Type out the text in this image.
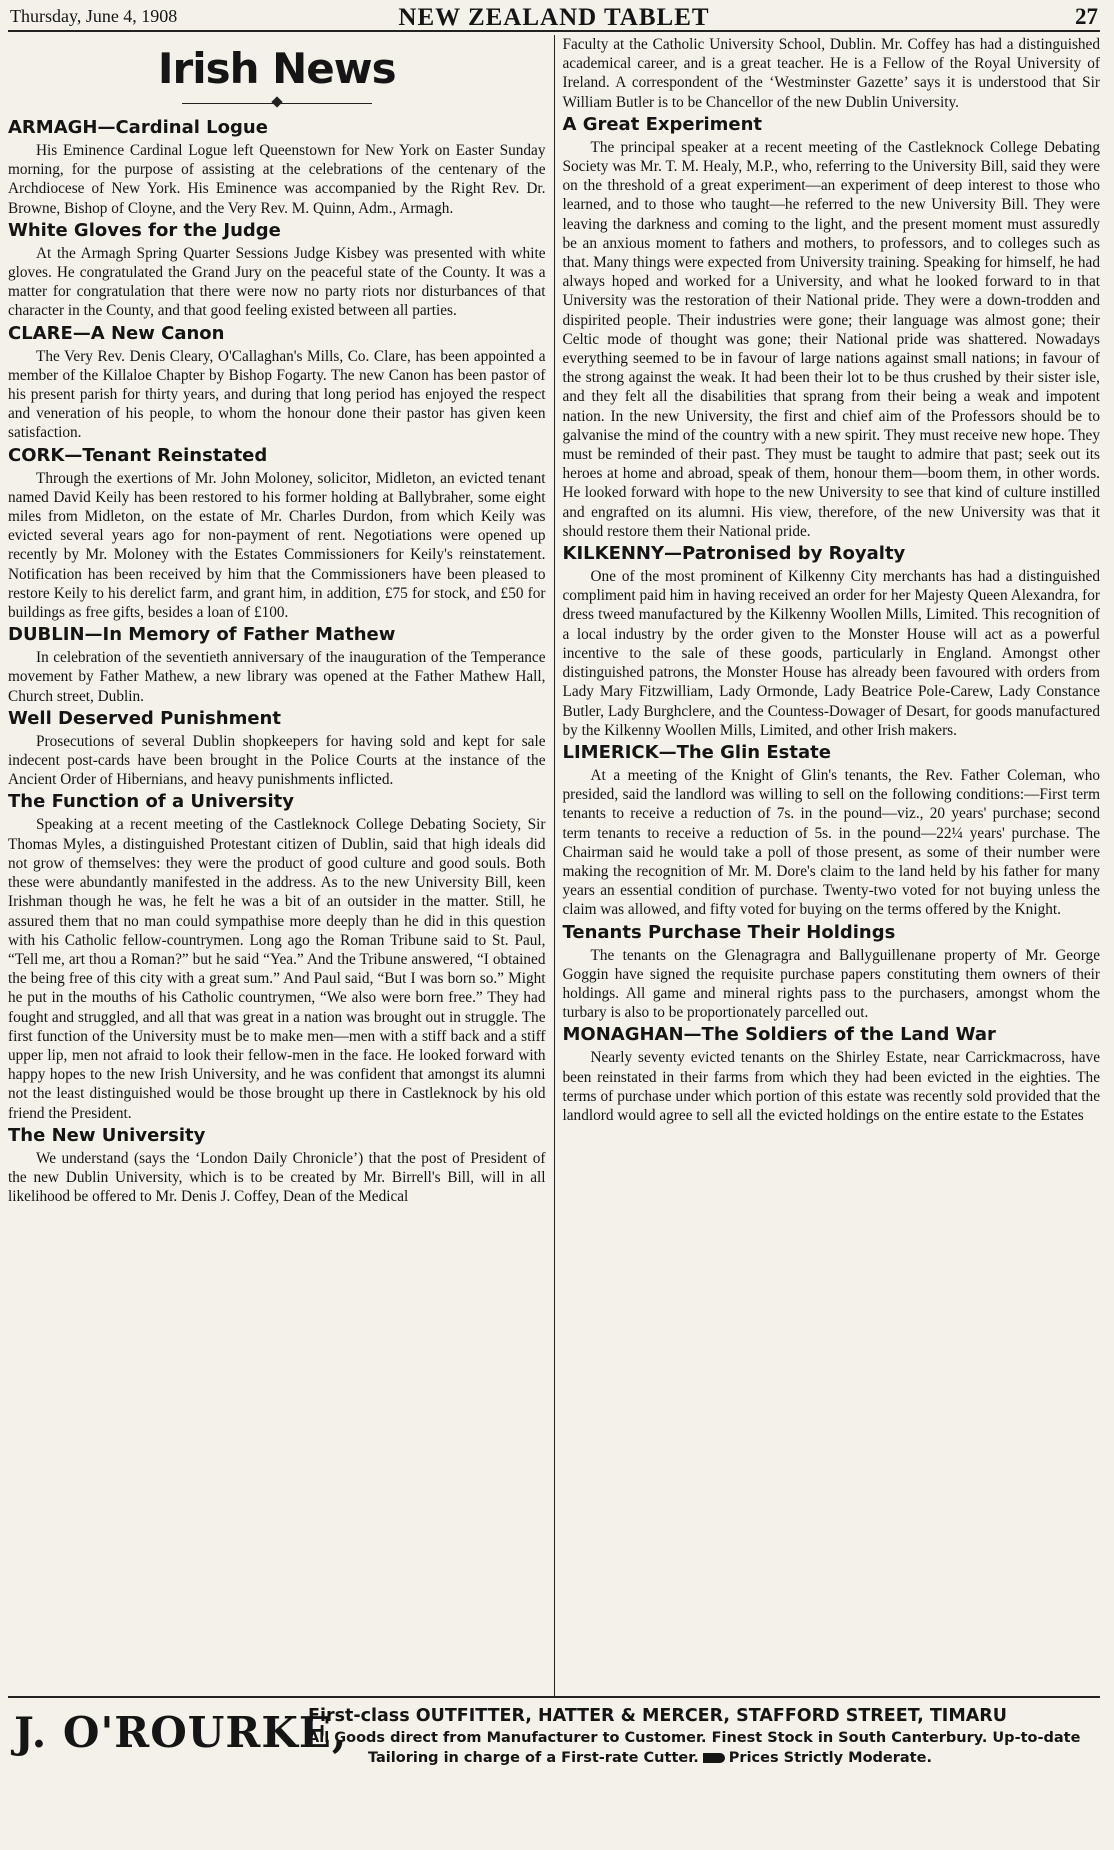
Thursday, June 4, 1908	NEW ZEALAND TABLET	27
Irish News
ARMAGH—Cardinal Logue

His Eminence Cardinal Logue left Queenstown for New York on Easter Sunday morning, for the purpose of assisting at the celebrations of the centenary of the Archdiocese of New York. His Eminence was accompanied by the Right Rev. Dr. Browne, Bishop of Cloyne, and the Very Rev. M. Quinn, Adm., Armagh.

White Gloves for the Judge

At the Armagh Spring Quarter Sessions Judge Kisbey was presented with white gloves. He congratulated the Grand Jury on the peaceful state of the County. It was a matter for congratulation that there were now no party riots nor disturbances of that character in the County, and that good feeling existed between all parties.

CLARE—A New Canon

The Very Rev. Denis Cleary, O'Callaghan's Mills, Co. Clare, has been appointed a member of the Killaloe Chapter by Bishop Fogarty. The new Canon has been pastor of his present parish for thirty years, and during that long period has enjoyed the respect and veneration of his people, to whom the honour done their pastor has given keen satisfaction.

CORK—Tenant Reinstated

Through the exertions of Mr. John Moloney, solicitor, Midleton, an evicted tenant named David Keily has been restored to his former holding at Ballybraher, some eight miles from Midleton, on the estate of Mr. Charles Durdon, from which Keily was evicted several years ago for non-payment of rent. Negotiations were opened up recently by Mr. Moloney with the Estates Commissioners for Keily's reinstatement. Notification has been received by him that the Commissioners have been pleased to restore Keily to his derelict farm, and grant him, in addition, £75 for stock, and £50 for buildings as free gifts, besides a loan of £100.

DUBLIN—In Memory of Father Mathew

In celebration of the seventieth anniversary of the inauguration of the Temperance movement by Father Mathew, a new library was opened at the Father Mathew Hall, Church street, Dublin.

Well Deserved Punishment

Prosecutions of several Dublin shopkeepers for having sold and kept for sale indecent post-cards have been brought in the Police Courts at the instance of the Ancient Order of Hibernians, and heavy punishments inflicted.

The Function of a University

Speaking at a recent meeting of the Castleknock College Debating Society, Sir Thomas Myles, a distinguished Protestant citizen of Dublin, said that high ideals did not grow of themselves: they were the product of good culture and good souls. Both these were abundantly manifested in the address. As to the new University Bill, keen Irishman though he was, he felt he was a bit of an outsider in the matter. Still, he assured them that no man could sympathise more deeply than he did in this question with his Catholic fellow-countrymen. Long ago the Roman Tribune said to St. Paul, “Tell me, art thou a Roman?” but he said “Yea.” And the Tribune answered, “I obtained the being free of this city with a great sum.” And Paul said, “But I was born so.” Might he put in the mouths of his Catholic countrymen, “We also were born free.” They had fought and struggled, and all that was great in a nation was brought out in struggle. The first function of the University must be to make men—men with a stiff back and a stiff upper lip, men not afraid to look their fellow-men in the face. He looked forward with happy hopes to the new Irish University, and he was confident that amongst its alumni not the least distinguished would be those brought up there in Castleknock by his old friend the President.

The New University

We understand (says the ‘London Daily Chronicle’) that the post of President of the new Dublin University, which is to be created by Mr. Birrell's Bill, will in all likelihood be offered to Mr. Denis J. Coffey, Dean of the Medical

Faculty at the Catholic University School, Dublin. Mr. Coffey has had a distinguished academical career, and is a great teacher. He is a Fellow of the Royal University of Ireland. A correspondent of the ‘Westminster Gazette’ says it is understood that Sir William Butler is to be Chancellor of the new Dublin University.

A Great Experiment

The principal speaker at a recent meeting of the Castleknock College Debating Society was Mr. T. M. Healy, M.P., who, referring to the University Bill, said they were on the threshold of a great experiment—an experiment of deep interest to those who learned, and to those who taught—he referred to the new University Bill. They were leaving the darkness and coming to the light, and the present moment must assuredly be an anxious moment to fathers and mothers, to professors, and to colleges such as that. Many things were expected from University training. Speaking for himself, he had always hoped and worked for a University, and what he looked forward to in that University was the restoration of their National pride. They were a down-trodden and dispirited people. Their industries were gone; their language was almost gone; their Celtic mode of thought was gone; their National pride was shattered. Nowadays everything seemed to be in favour of large nations against small nations; in favour of the strong against the weak. It had been their lot to be thus crushed by their sister isle, and they felt all the disabilities that sprang from their being a weak and impotent nation. In the new University, the first and chief aim of the Professors should be to galvanise the mind of the country with a new spirit. They must receive new hope. They must be reminded of their past. They must be taught to admire that past; seek out its heroes at home and abroad, speak of them, honour them—boom them, in other words. He looked forward with hope to the new University to see that kind of culture instilled and engrafted on its alumni. His view, therefore, of the new University was that it should restore them their National pride.

KILKENNY—Patronised by Royalty

One of the most prominent of Kilkenny City merchants has had a distinguished compliment paid him in having received an order for her Majesty Queen Alexandra, for dress tweed manufactured by the Kilkenny Woollen Mills, Limited. This recognition of a local industry by the order given to the Monster House will act as a powerful incentive to the sale of these goods, particularly in England. Amongst other distinguished patrons, the Monster House has already been favoured with orders from Lady Mary Fitzwilliam, Lady Ormonde, Lady Beatrice Pole-Carew, Lady Constance Butler, Lady Burghclere, and the Countess-Dowager of Desart, for goods manufactured by the Kilkenny Woollen Mills, Limited, and other Irish makers.

LIMERICK—The Glin Estate

At a meeting of the Knight of Glin's tenants, the Rev. Father Coleman, who presided, said the landlord was willing to sell on the following conditions:—First term tenants to receive a reduction of 7s. in the pound—viz., 20 years' purchase; second term tenants to receive a reduction of 5s. in the pound—22¼ years' purchase. The Chairman said he would take a poll of those present, as some of their number were making the recognition of Mr. M. Dore's claim to the land held by his father for many years an essential condition of purchase. Twenty-two voted for not buying unless the claim was allowed, and fifty voted for buying on the terms offered by the Knight.

Tenants Purchase Their Holdings

The tenants on the Glenagragra and Ballyguillenane property of Mr. George Goggin have signed the requisite purchase papers constituting them owners of their holdings. All game and mineral rights pass to the purchasers, amongst whom the turbary is also to be proportionately parcelled out.

MONAGHAN—The Soldiers of the Land War

Nearly seventy evicted tenants on the Shirley Estate, near Carrickmacross, have been reinstated in their farms from which they had been evicted in the eighties. The terms of purchase under which portion of this estate was recently sold provided that the landlord would agree to sell all the evicted holdings on the entire estate to the Estates

J. O'ROURKE,
First-class OUTFITTER, HATTER & MERCER, STAFFORD STREET, TIMARU
All Goods direct from Manufacturer to Customer. Finest Stock in South Canterbury. Up-to-date
Tailoring in charge of a First-rate Cutter. Prices Strictly Moderate.
